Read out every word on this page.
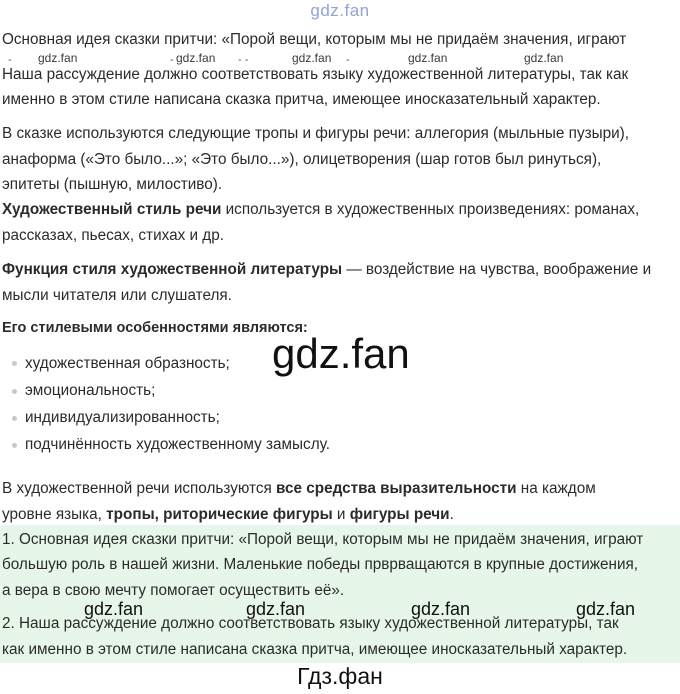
gdz.fan
Основная идея сказки притчи: «Порой вещи, которым мы не придаём значения, играют
- gdz.fan	- gdz.fan - -	gdz.fan -	gdz.fan	gdz.fan
Наша рассуждение должно соответствовать языку художественной литературы, так как
именно в этом стиле написана сказка притча, имеющее иносказательный характер.
В сказке используются следующие тропы и фигуры речи: аллегория (мыльные пузыри),
анаформа («Это было...»; «Это было...»), олицетворения (шар готов был ринуться),
эпитеты (пышную, милостиво).
Художественный стиль речи используется в художественных произведениях: романах,
рассказах, пьесах, стихах и др.
Функция стиля художественной литературы — воздействие на чувства, воображение и
мысли читателя или слушателя.
Его стилевыми особенностями являются:
gdz.fan
художественная образность;
эмоциональность;
индивидуализированность;
подчинённость художественному замыслу.
В художественной речи используются все средства выразительности на каждом
уровне языка, тропы, риторические фигуры и фигуры речи.
1. Основная идея сказки притчи: «Порой вещи, которым мы не придаём значения, играют
большую роль в нашей жизни. Маленькие победы прврващаются в крупные достижения,
а вера в свою мечту помогает осуществить её».
gdz.fan	gdz.fan	gdz.fan	gdz.fan
2. Наша рассуждение должно соответствовать языку художественной литературы, так
как именно в этом стиле написана сказка притча, имеющее иносказательный характер.
Гдз.фан
